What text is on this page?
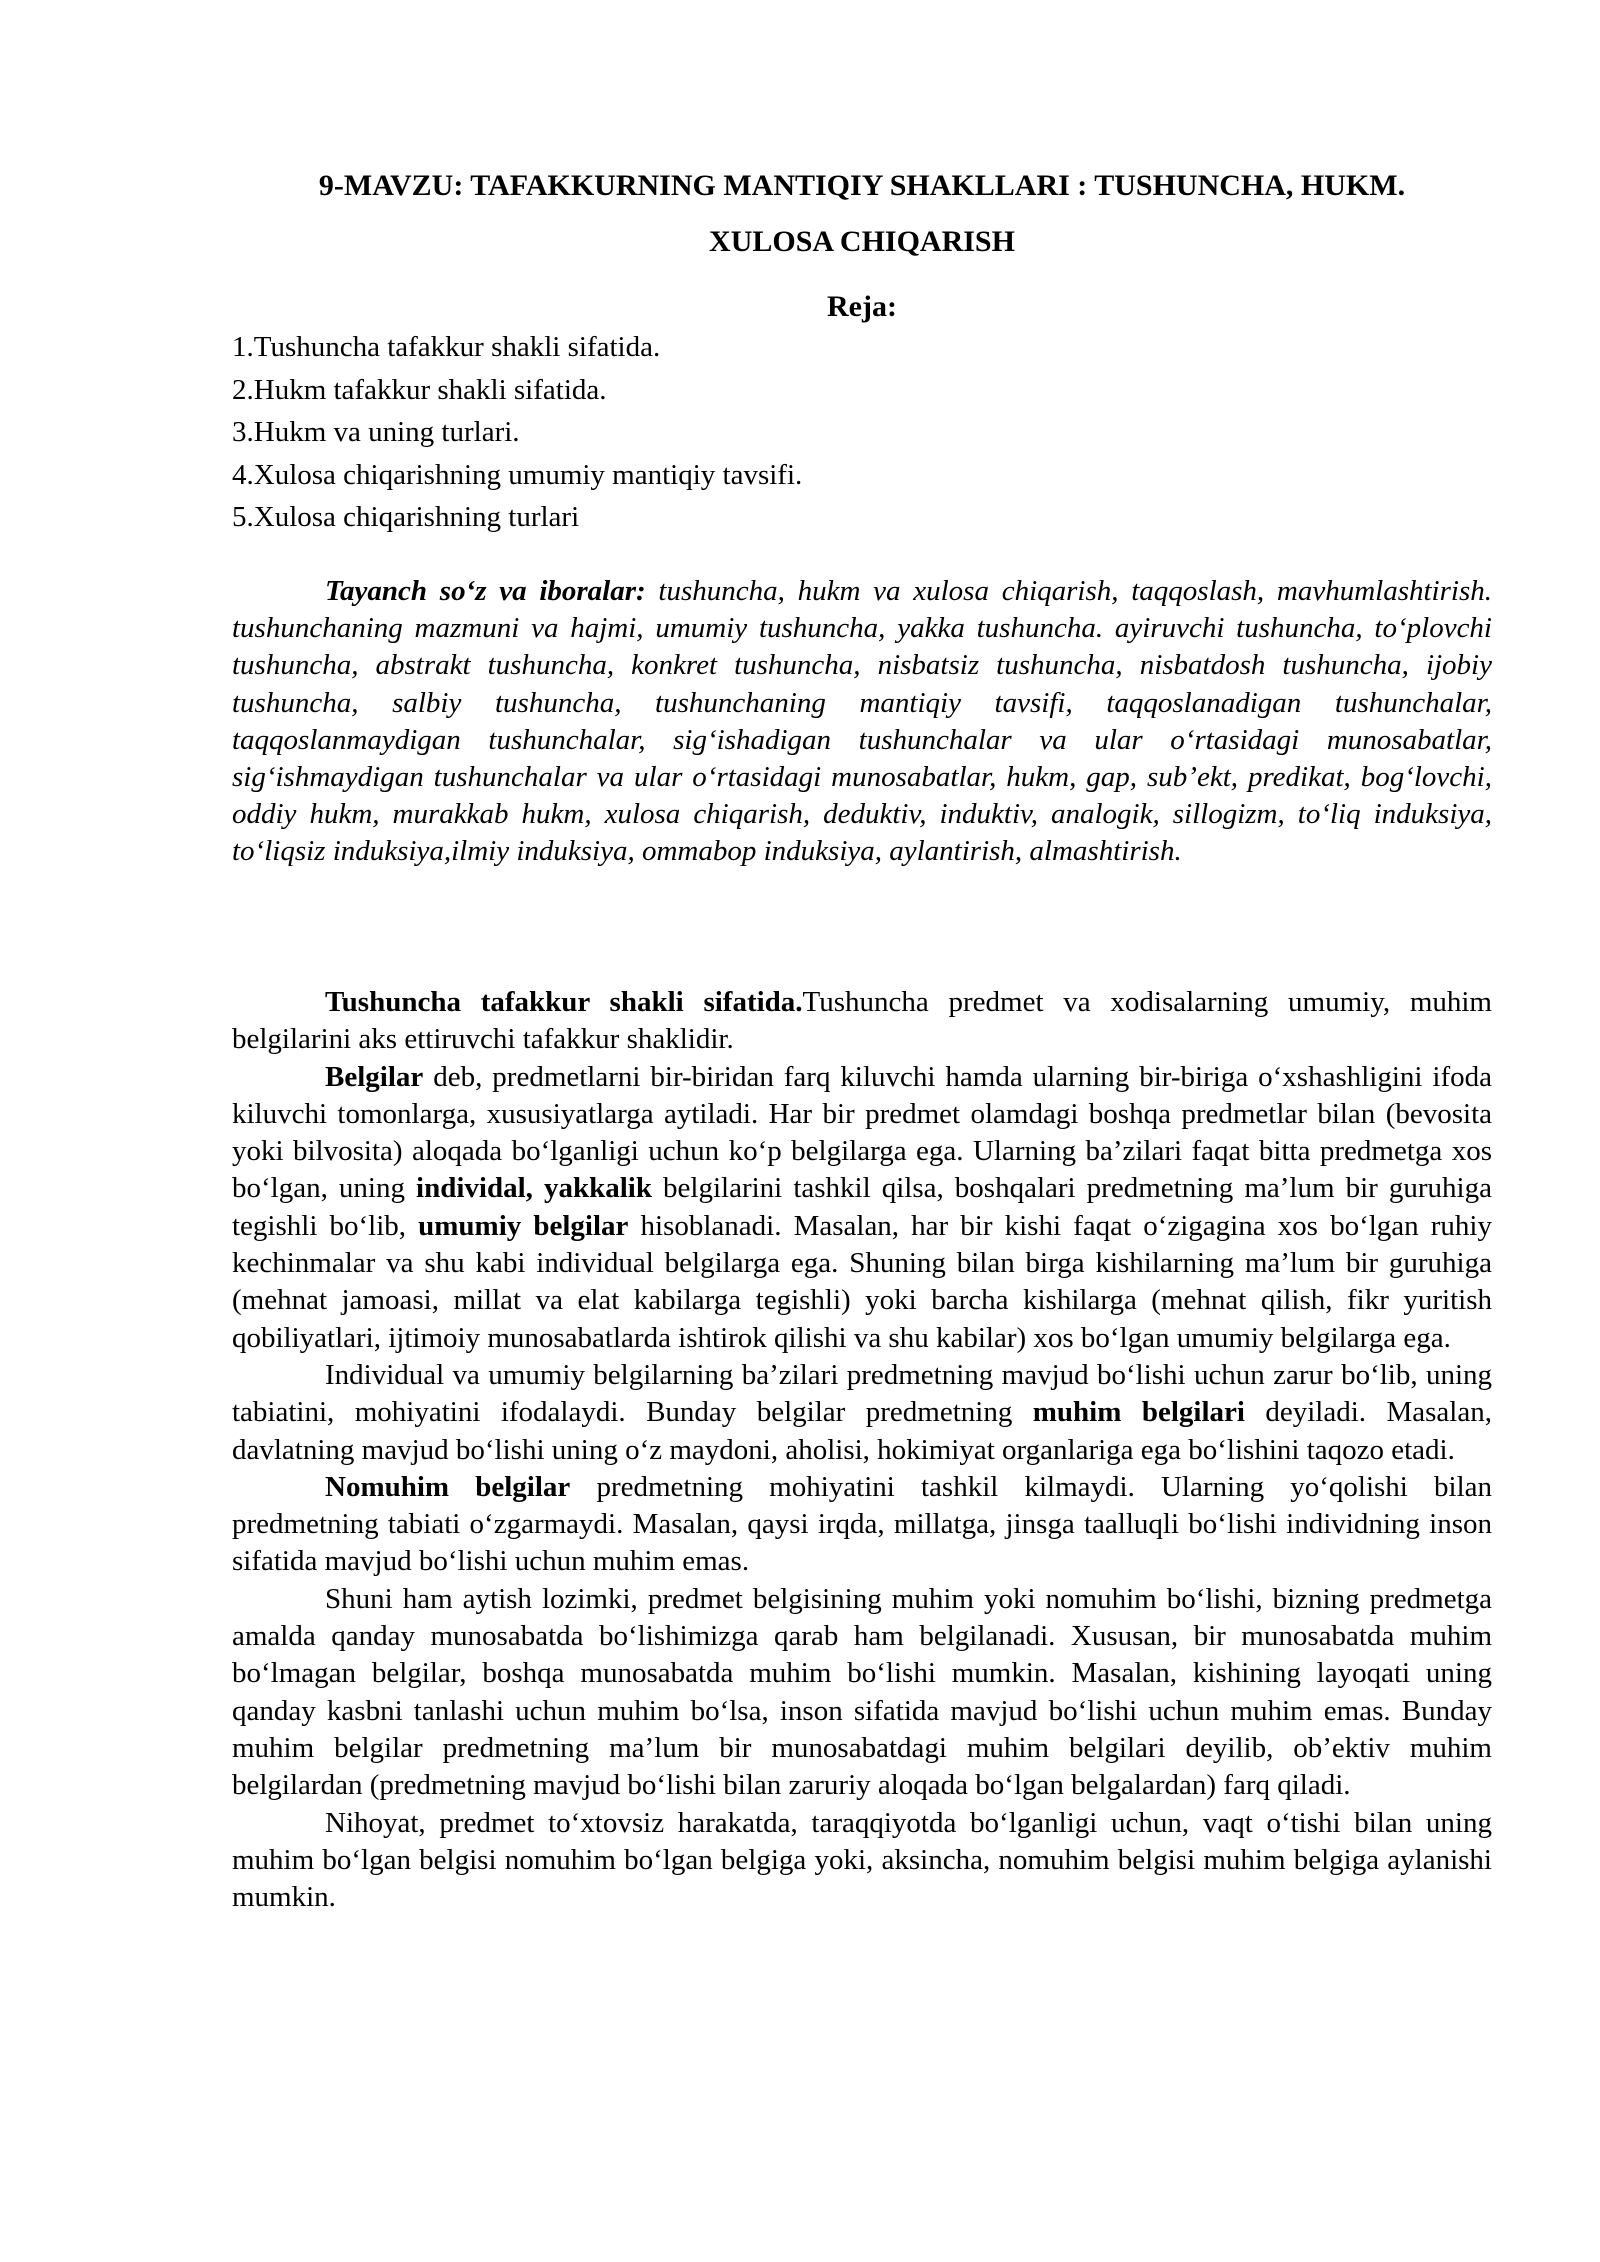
9-MAVZU: TAFAKKURNING MANTIQIY SHAKLLARI : TUSHUNCHA, HUKM.
XULOSA CHIQARISH
Reja:
1.Tushuncha tafakkur shakli sifatida.
2.Hukm tafakkur shakli sifatida.
3.Hukm va uning turlari.
4.Xulosa chiqarishning umumiy mantiqiy tavsifi.
5.Xulosa chiqarishning turlari

Tayanch so‘z va iboralar: tushuncha, hukm va xulosa chiqarish, taqqoslash, mavhumlashtirish. tushunchaning mazmuni va hajmi, umumiy tushuncha, yakka tushuncha. ayiruvchi tushuncha, to‘plovchi tushuncha, abstrakt tushuncha, konkret tushuncha, nisbatsiz tushuncha, nisbatdosh tushuncha, ijobiy tushuncha, salbiy tushuncha, tushunchaning mantiqiy tavsifi, taqqoslanadigan tushunchalar, taqqoslanmaydigan tushunchalar, sig‘ishadigan tushunchalar va ular o‘rtasidagi munosabatlar, sig‘ishmaydigan tushunchalar va ular o‘rtasidagi munosabatlar, hukm, gap, sub’ekt, predikat, bog‘lovchi, oddiy hukm, murakkab hukm, xulosa chiqarish, deduktiv, induktiv, analogik, sillogizm, to‘liq induksiya, to‘liqsiz induksiya,ilmiy induksiya, ommabop induksiya, aylantirish, almashtirish.

Tushuncha tafakkur shakli sifatida.Tushuncha predmet va xodisalarning umumiy, muhim belgilarini aks ettiruvchi tafakkur shaklidir.

Belgilar deb, predmetlarni bir-biridan farq kiluvchi hamda ularning bir-biriga o‘xshashligini ifoda kiluvchi tomonlarga, xususiyatlarga aytiladi. Har bir predmet olamdagi boshqa predmetlar bilan (bevosita yoki bilvosita) aloqada bo‘lganligi uchun ko‘p belgilarga ega. Ularning ba’zilari faqat bitta predmetga xos bo‘lgan, uning individal, yakkalik belgilarini tashkil qilsa, boshqalari predmetning ma’lum bir guruhiga tegishli bo‘lib, umumiy belgilar hisoblanadi. Masalan, har bir kishi faqat o‘zigagina xos bo‘lgan ruhiy kechinmalar va shu kabi individual belgilarga ega. Shuning bilan birga kishilarning ma’lum bir guruhiga (mehnat jamoasi, millat va elat kabilarga tegishli) yoki barcha kishilarga (mehnat qilish, fikr yuritish qobiliyatlari, ijtimoiy munosabatlarda ishtirok qilishi va shu kabilar) xos bo‘lgan umumiy belgilarga ega.

Individual va umumiy belgilarning ba’zilari predmetning mavjud bo‘lishi uchun zarur bo‘lib, uning tabiatini, mohiyatini ifodalaydi. Bunday belgilar predmetning muhim belgilari deyiladi. Masalan, davlatning mavjud bo‘lishi uning o‘z maydoni, aholisi, hokimiyat organlariga ega bo‘lishini taqozo etadi.

Nomuhim belgilar predmetning mohiyatini tashkil kilmaydi. Ularning yo‘qolishi bilan predmetning tabiati o‘zgarmaydi. Masalan, qaysi irqda, millatga, jinsga taalluqli bo‘lishi individning inson sifatida mavjud bo‘lishi uchun muhim emas.

Shuni ham aytish lozimki, predmet belgisining muhim yoki nomuhim bo‘lishi, bizning predmetga amalda qanday munosabatda bo‘lishimizga qarab ham belgilanadi. Xususan, bir munosabatda muhim bo‘lmagan belgilar, boshqa munosabatda muhim bo‘lishi mumkin. Masalan, kishining layoqati uning qanday kasbni tanlashi uchun muhim bo‘lsa, inson sifatida mavjud bo‘lishi uchun muhim emas. Bunday muhim belgilar predmetning ma’lum bir munosabatdagi muhim belgilari deyilib, ob’ektiv muhim belgilardan (predmetning mavjud bo‘lishi bilan zaruriy aloqada bo‘lgan belgalardan) farq qiladi.

Nihoyat, predmet to‘xtovsiz harakatda, taraqqiyotda bo‘lganligi uchun, vaqt o‘tishi bilan uning muhim bo‘lgan belgisi nomuhim bo‘lgan belgiga yoki, aksincha, nomuhim belgisi muhim belgiga aylanishi mumkin.
